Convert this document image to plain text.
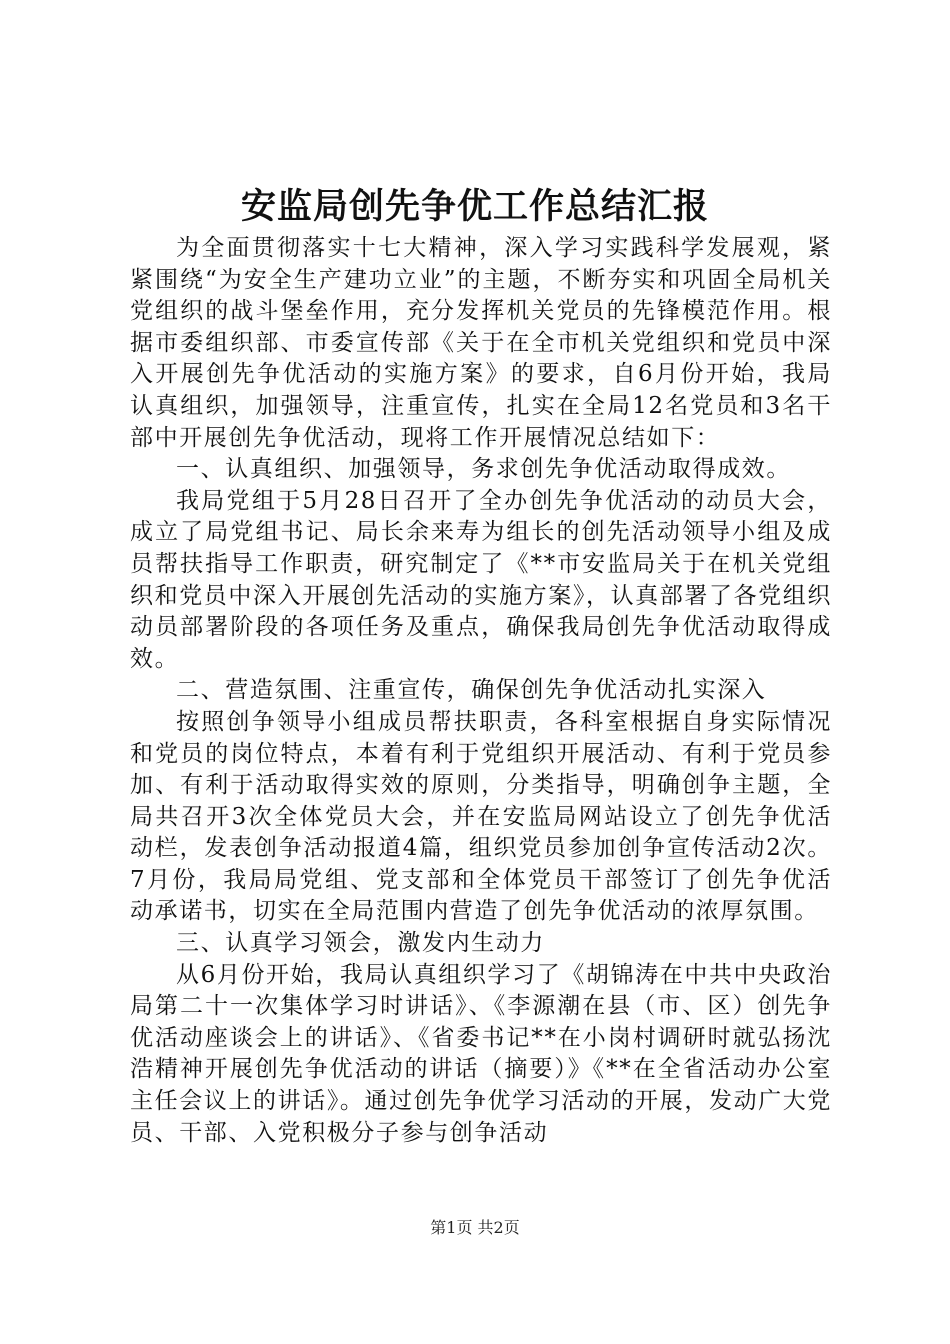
安监局创先争优工作总结汇报

为全面贯彻落实十七大精神，深入学习实践科学发展观，紧紧围绕“为安全生产建功立业”的主题，不断夯实和巩固全局机关党组织的战斗堡垒作用，充分发挥机关党员的先锋模范作用。根据市委组织部、市委宣传部《关于在全市机关党组织和党员中深入开展创先争优活动的实施方案》的要求，自6月份开始，我局认真组织，加强领导，注重宣传，扎实在全局12名党员和3名干部中开展创先争优活动，现将工作开展情况总结如下：

一、认真组织、加强领导，务求创先争优活动取得成效。

我局党组于5月28日召开了全办创先争优活动的动员大会，成立了局党组书记、局长余来寿为组长的创先活动领导小组及成员帮扶指导工作职责，研究制定了《**市安监局关于在机关党组织和党员中深入开展创先活动的实施方案》，认真部署了各党组织动员部署阶段的各项任务及重点，确保我局创先争优活动取得成效。

二、营造氛围、注重宣传，确保创先争优活动扎实深入

按照创争领导小组成员帮扶职责，各科室根据自身实际情况和党员的岗位特点，本着有利于党组织开展活动、有利于党员参加、有利于活动取得实效的原则，分类指导，明确创争主题，全局共召开3次全体党员大会，并在安监局网站设立了创先争优活动栏，发表创争活动报道4篇，组织党员参加创争宣传活动2次。7月份，我局局党组、党支部和全体党员干部签订了创先争优活动承诺书，切实在全局范围内营造了创先争优活动的浓厚氛围。

三、认真学习领会，激发内生动力

从6月份开始，我局认真组织学习了《胡锦涛在中共中央政治局第二十一次集体学习时讲话》、《李源潮在县（市、区）创先争优活动座谈会上的讲话》、《省委书记**在小岗村调研时就弘扬沈浩精神开展创先争优活动的讲话（摘要）》《**在全省活动办公室主任会议上的讲话》。通过创先争优学习活动的开展，发动广大党员、干部、入党积极分子参与创争活动

第1页 共2页
